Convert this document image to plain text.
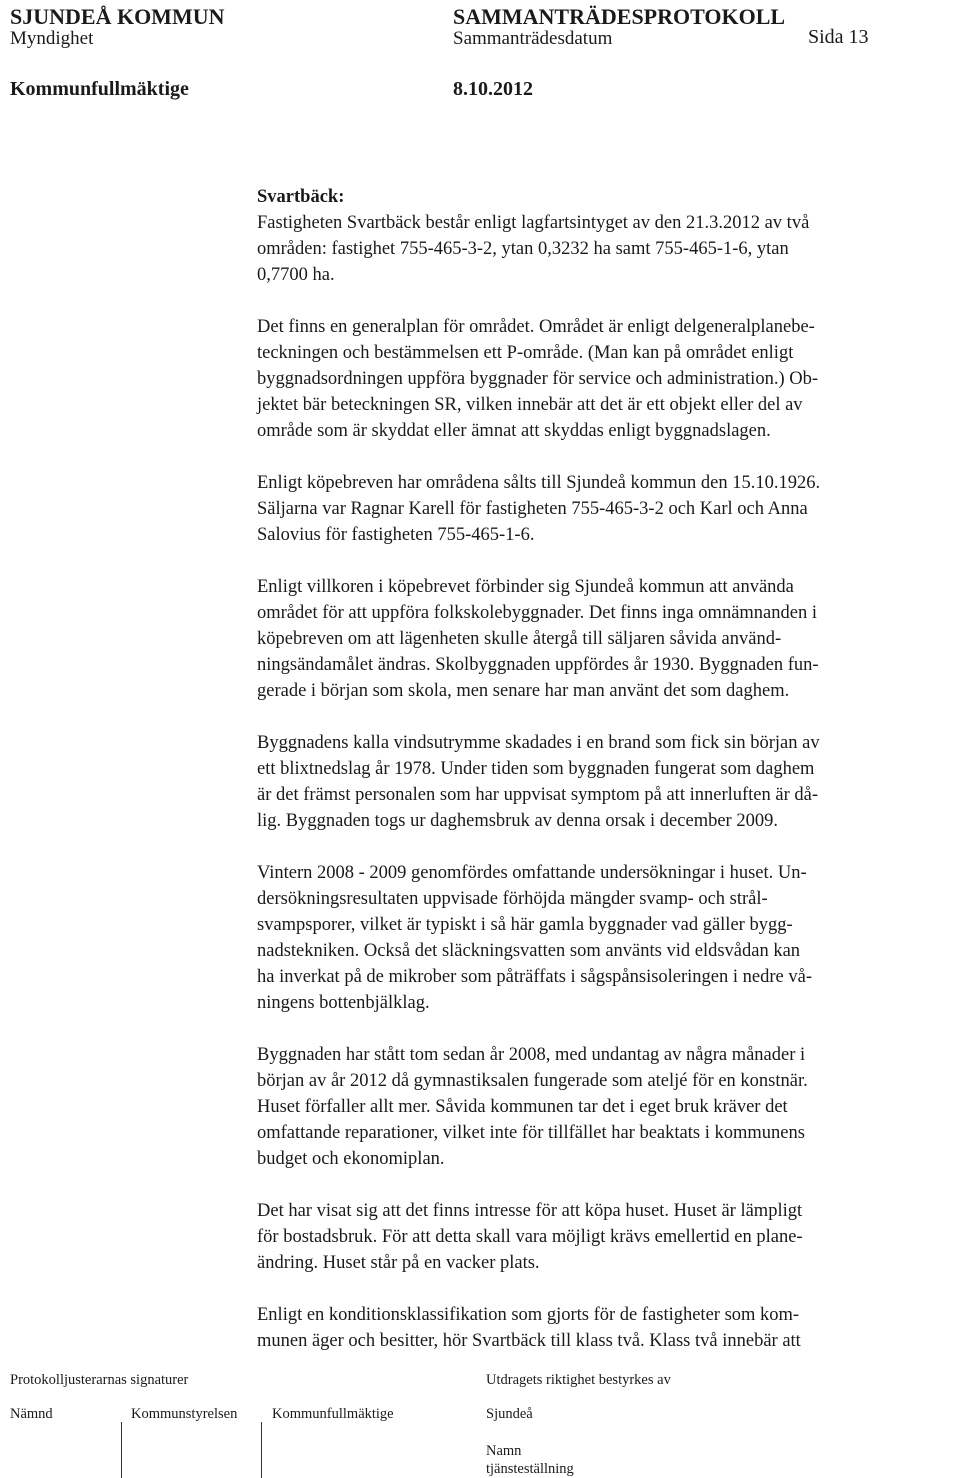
SJUNDEÅ KOMMUN	SAMMANTRÄDESPROTOKOLL
Myndighet	Sammanträdesdatum	Sida 13
Kommunfullmäktige	8.10.2012
Svartbäck:
Fastigheten Svartbäck består enligt lagfartsintyget av den 21.3.2012 av två
områden: fastighet 755-465-3-2, ytan 0,3232 ha samt 755-465-1-6, ytan
0,7700 ha.
Det finns en generalplan för området. Området är enligt delgeneralplanebe-
teckningen och bestämmelsen ett P-område. (Man kan på området enligt
byggnadsordningen uppföra byggnader för service och administration.) Ob-
jektet bär beteckningen SR, vilken innebär att det är ett objekt eller del av
område som är skyddat eller ämnat att skyddas enligt byggnadslagen.
Enligt köpebreven har områdena sålts till Sjundeå kommun den 15.10.1926.
Säljarna var Ragnar Karell för fastigheten 755-465-3-2 och Karl och Anna
Salovius för fastigheten 755-465-1-6.
Enligt villkoren i köpebrevet förbinder sig Sjundeå kommun att använda
området för att uppföra folkskolebyggnader. Det finns inga omnämnanden i
köpebreven om att lägenheten skulle återgå till säljaren såvida använd-
ningsändamålet ändras. Skolbyggnaden uppfördes år 1930. Byggnaden fun-
gerade i början som skola, men senare har man använt det som daghem.
Byggnadens kalla vindsutrymme skadades i en brand som fick sin början av
ett blixtnedslag år 1978. Under tiden som byggnaden fungerat som daghem
är det främst personalen som har uppvisat symptom på att innerluften är då-
lig. Byggnaden togs ur daghemsbruk av denna orsak i december 2009.
Vintern 2008 - 2009 genomfördes omfattande undersökningar i huset. Un-
dersökningsresultaten uppvisade förhöjda mängder svamp- och strål-
svampsporer, vilket är typiskt i så här gamla byggnader vad gäller bygg-
nadstekniken. Också det släckningsvatten som använts vid eldsvådan kan
ha inverkat på de mikrober som påträffats i sågspånsisoleringen i nedre vå-
ningens bottenbjälklag.
Byggnaden har stått tom sedan år 2008, med undantag av några månader i
början av år 2012 då gymnastiksalen fungerade som ateljé för en konstnär.
Huset förfaller allt mer. Såvida kommunen tar det i eget bruk kräver det
omfattande reparationer, vilket inte för tillfället har beaktats i kommunens
budget och ekonomiplan.
Det har visat sig att det finns intresse för att köpa huset. Huset är lämpligt
för bostadsbruk. För att detta skall vara möjligt krävs emellertid en plane-
ändring. Huset står på en vacker plats.
Enligt en konditionsklassifikation som gjorts för de fastigheter som kom-
munen äger och besitter, hör Svartbäck till klass två. Klass två innebär att
Protokolljusterarnas signaturer	Utdragets riktighet bestyrkes av
Nämnd	Kommunstyrelsen Kommunfullmäktige	Sjundeå
Namn
tjänsteställning
